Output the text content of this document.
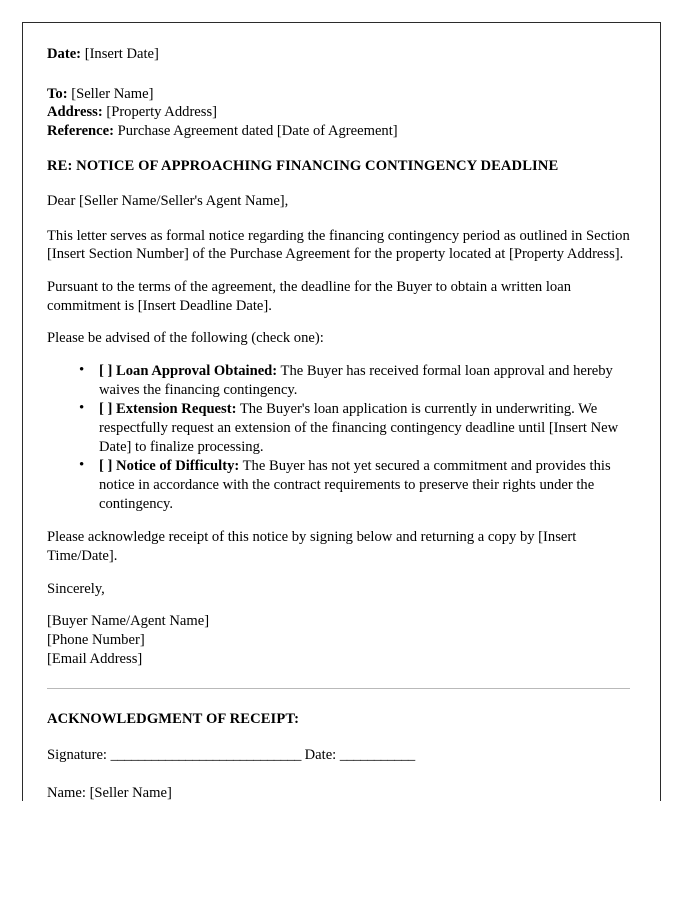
Date: [Insert Date]
To: [Seller Name]
Address: [Property Address]
Reference: Purchase Agreement dated [Date of Agreement]
RE: NOTICE OF APPROACHING FINANCING CONTINGENCY DEADLINE
Dear [Seller Name/Seller's Agent Name],

This letter serves as formal notice regarding the financing contingency period as outlined in Section [Insert Section Number] of the Purchase Agreement for the property located at [Property Address].

Pursuant to the terms of the agreement, the deadline for the Buyer to obtain a written loan commitment is [Insert Deadline Date].

Please be advised of the following (check one):

• [ ] Loan Approval Obtained: The Buyer has received formal loan approval and hereby waives the financing contingency.
• [ ] Extension Request: The Buyer's loan application is currently in underwriting. We respectfully request an extension of the financing contingency deadline until [Insert New Date] to finalize processing.
• [ ] Notice of Difficulty: The Buyer has not yet secured a commitment and provides this notice in accordance with the contract requirements to preserve their rights under the contingency.

Please acknowledge receipt of this notice by signing below and returning a copy by [Insert Time/Date].

Sincerely,

[Buyer Name/Agent Name]
[Phone Number]
[Email Address]
ACKNOWLEDGMENT OF RECEIPT:
Signature: ____________________________ Date: ___________
Name: [Seller Name]
